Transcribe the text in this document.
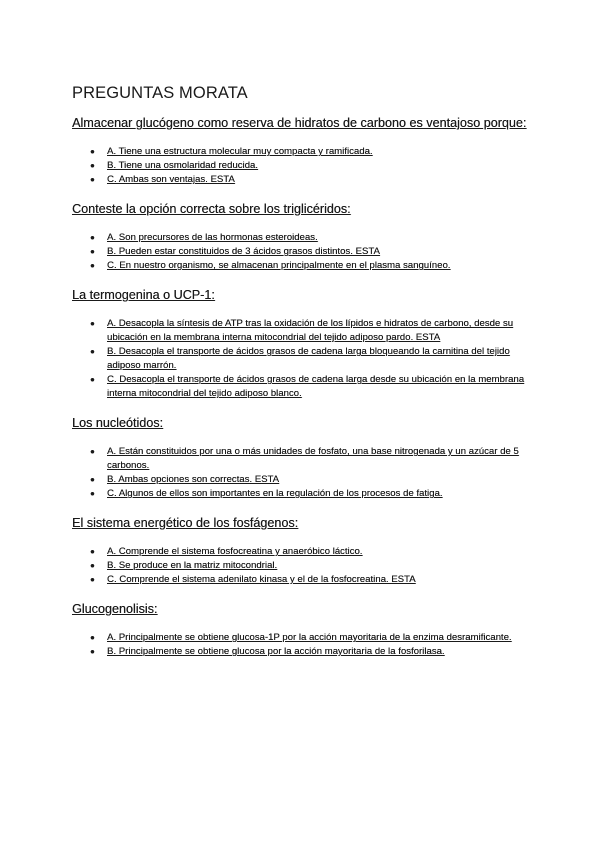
PREGUNTAS MORATA
Almacenar glucógeno como reserva de hidratos de carbono es ventajoso porque:
● A. Tiene una estructura molecular muy compacta y ramificada.
● B. Tiene una osmolaridad reducida.
● C. Ambas son ventajas. ESTA
Conteste la opción correcta sobre los triglicéridos:
● A. Son precursores de las hormonas esteroideas.
● B. Pueden estar constituidos de 3 ácidos grasos distintos. ESTA
● C. En nuestro organismo, se almacenan principalmente en el plasma sanguíneo.
La termogenina o UCP-1:
● A. Desacopla la síntesis de ATP tras la oxidación de los lípidos e hidratos de carbono, desde su ubicación en la membrana interna mitocondrial del tejido adiposo pardo. ESTA
● B. Desacopla el transporte de ácidos grasos de cadena larga bloqueando la carnitina del tejido adiposo marrón.
● C. Desacopla el transporte de ácidos grasos de cadena larga desde su ubicación en la membrana interna mitocondrial del tejido adiposo blanco.
Los nucleótidos:
● A. Están constituidos por una o más unidades de fosfato, una base nitrogenada y un azúcar de 5 carbonos.
● B. Ambas opciones son correctas. ESTA
● C. Algunos de ellos son importantes en la regulación de los procesos de fatiga.
El sistema energético de los fosfágenos:
● A. Comprende el sistema fosfocreatina y anaeróbico láctico.
● B. Se produce en la matriz mitocondrial.
● C. Comprende el sistema adenilato kinasa y el de la fosfocreatina. ESTA
Glucogenolisis:
● A. Principalmente se obtiene glucosa-1P por la acción mayoritaria de la enzima desramificante.
● B. Principalmente se obtiene glucosa por la acción mayoritaria de la fosforilasa.
